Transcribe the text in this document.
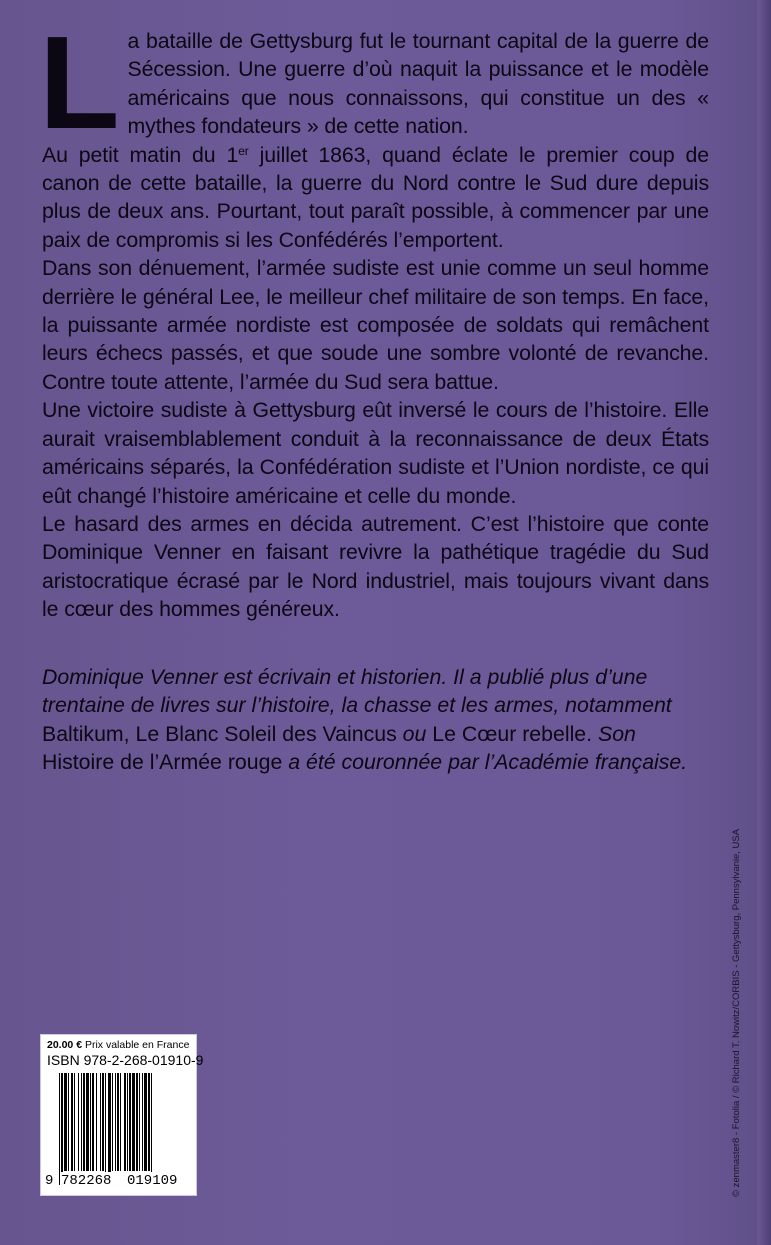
La bataille de Gettysburg fut le tournant capital de la guerre de Sécession. Une guerre d’où naquit la puissance et le modèle américains que nous connaissons, qui constitue un des « mythes fondateurs » de cette nation.

Au petit matin du 1er juillet 1863, quand éclate le premier coup de canon de cette bataille, la guerre du Nord contre le Sud dure depuis plus de deux ans. Pourtant, tout paraît possible, à commencer par une paix de compromis si les Confédérés l’emportent.

Dans son dénuement, l’armée sudiste est unie comme un seul homme derrière le général Lee, le meilleur chef militaire de son temps. En face, la puissante armée nordiste est composée de soldats qui remâchent leurs échecs passés, et que soude une sombre volonté de revanche. Contre toute attente, l’armée du Sud sera battue.

Une victoire sudiste à Gettysburg eût inversé le cours de l’histoire. Elle aurait vraisemblablement conduit à la reconnaissance de deux États américains séparés, la Confédération sudiste et l’Union nordiste, ce qui eût changé l’histoire américaine et celle du monde.

Le hasard des armes en décida autrement. C’est l’histoire que conte Dominique Venner en faisant revivre la pathétique tragédie du Sud aristocratique écrasé par le Nord industriel, mais toujours vivant dans le cœur des hommes généreux.

Dominique Venner est écrivain et historien. Il a publié plus d’une trentaine de livres sur l’histoire, la chasse et les armes, notamment Baltikum, Le Blanc Soleil des Vaincus ou Le Cœur rebelle. Son Histoire de l’Armée rouge a été couronnée par l’Académie française.

20.00 € Prix valable en France
ISBN 978-2-268-01910-9
9 782268 019109	© zenmaster8 - Fotolia / © Richard T. Nowitz/CORBIS - Gettysburg, Pennsylvanie, USA
